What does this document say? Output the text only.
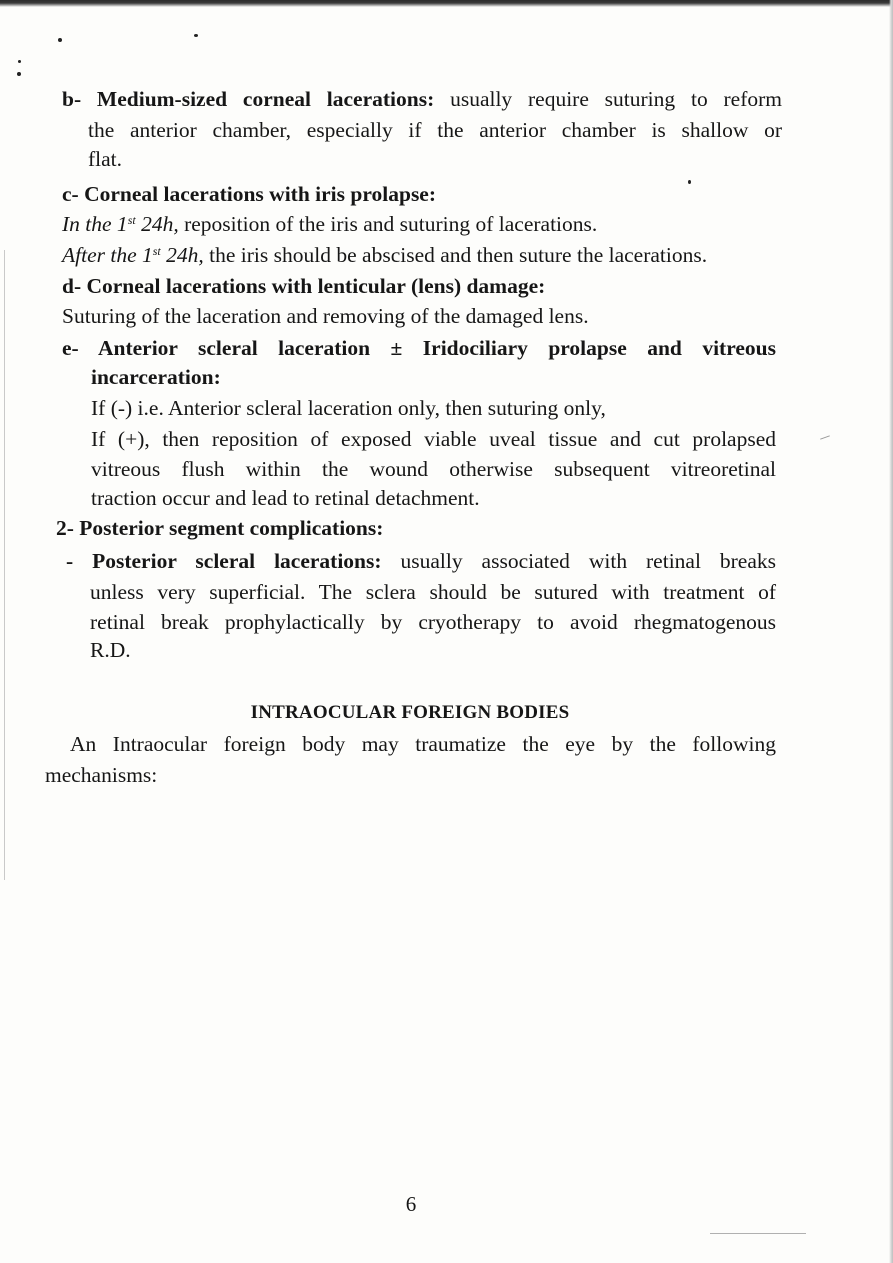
b- Medium-sized corneal lacerations: usually require suturing to reform
the anterior chamber, especially if the anterior chamber is shallow or
flat.
c- Corneal lacerations with iris prolapse:
In the 1st 24h, reposition of the iris and suturing of lacerations.
After the 1st 24h, the iris should be abscised and then suture the lacerations.
d- Corneal lacerations with lenticular (lens) damage:
Suturing of the laceration and removing of the damaged lens.
e- Anterior scleral laceration ± Iridociliary prolapse and vitreous
incarceration:
If (-) i.e. Anterior scleral laceration only, then suturing only,
If (+), then reposition of exposed viable uveal tissue and cut prolapsed
vitreous flush within the wound otherwise subsequent vitreoretinal
traction occur and lead to retinal detachment.
2- Posterior segment complications:
- Posterior scleral lacerations: usually associated with retinal breaks
unless very superficial. The sclera should be sutured with treatment of
retinal break prophylactically by cryotherapy to avoid rhegmatogenous
R.D.
INTRAOCULAR FOREIGN BODIES
An Intraocular foreign body may traumatize the eye by the following
mechanisms:
6
